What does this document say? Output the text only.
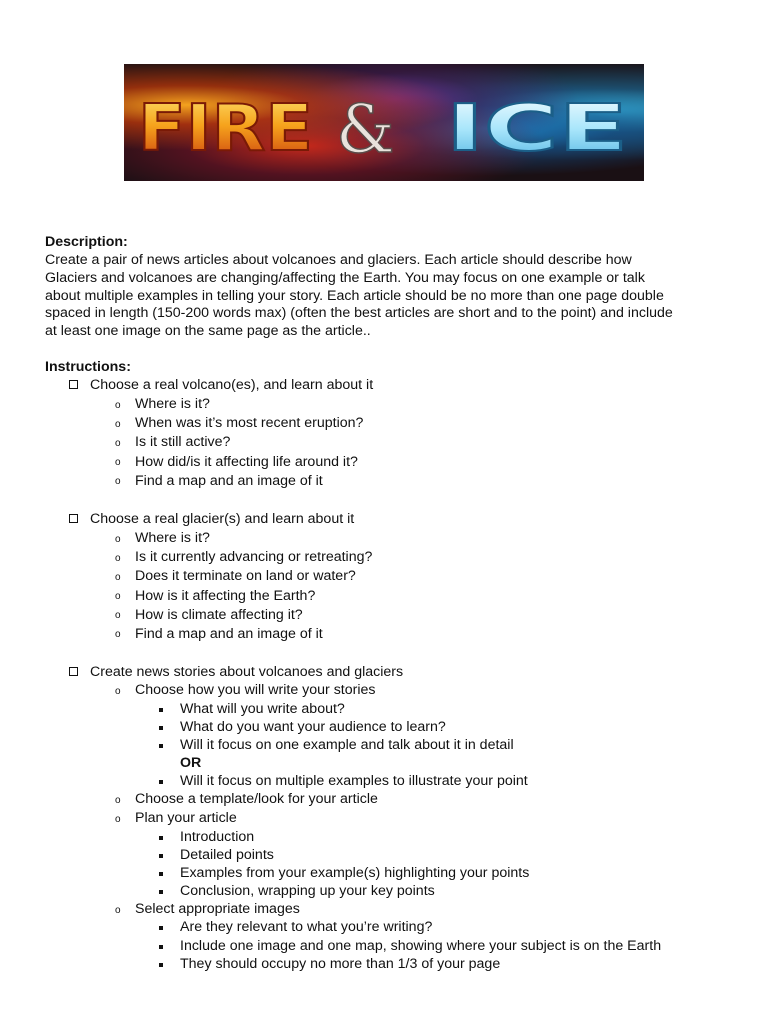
FIRE & ICE
Description:
Create a pair of news articles about volcanoes and glaciers. Each article should describe how
Glaciers and volcanoes are changing/affecting the Earth. You may focus on one example or talk
about multiple examples in telling your story. Each article should be no more than one page double
spaced in length (150-200 words max) (often the best articles are short and to the point) and include
at least one image on the same page as the article..
Instructions:
Choose a real volcano(es), and learn about it
o Where is it?
o When was it’s most recent eruption?
o Is it still active?
o How did/is it affecting life around it?
o Find a map and an image of it
Choose a real glacier(s) and learn about it
o Where is it?
o Is it currently advancing or retreating?
o Does it terminate on land or water?
o How is it affecting the Earth?
o How is climate affecting it?
o Find a map and an image of it
Create news stories about volcanoes and glaciers
o Choose how you will write your stories
What will you write about?
What do you want your audience to learn?
Will it focus on one example and talk about it in detail
OR
Will it focus on multiple examples to illustrate your point
o Choose a template/look for your article
o Plan your article
Introduction
Detailed points
Examples from your example(s) highlighting your points
Conclusion, wrapping up your key points
o Select appropriate images
Are they relevant to what you’re writing?
Include one image and one map, showing where your subject is on the Earth
They should occupy no more than 1/3 of your page
